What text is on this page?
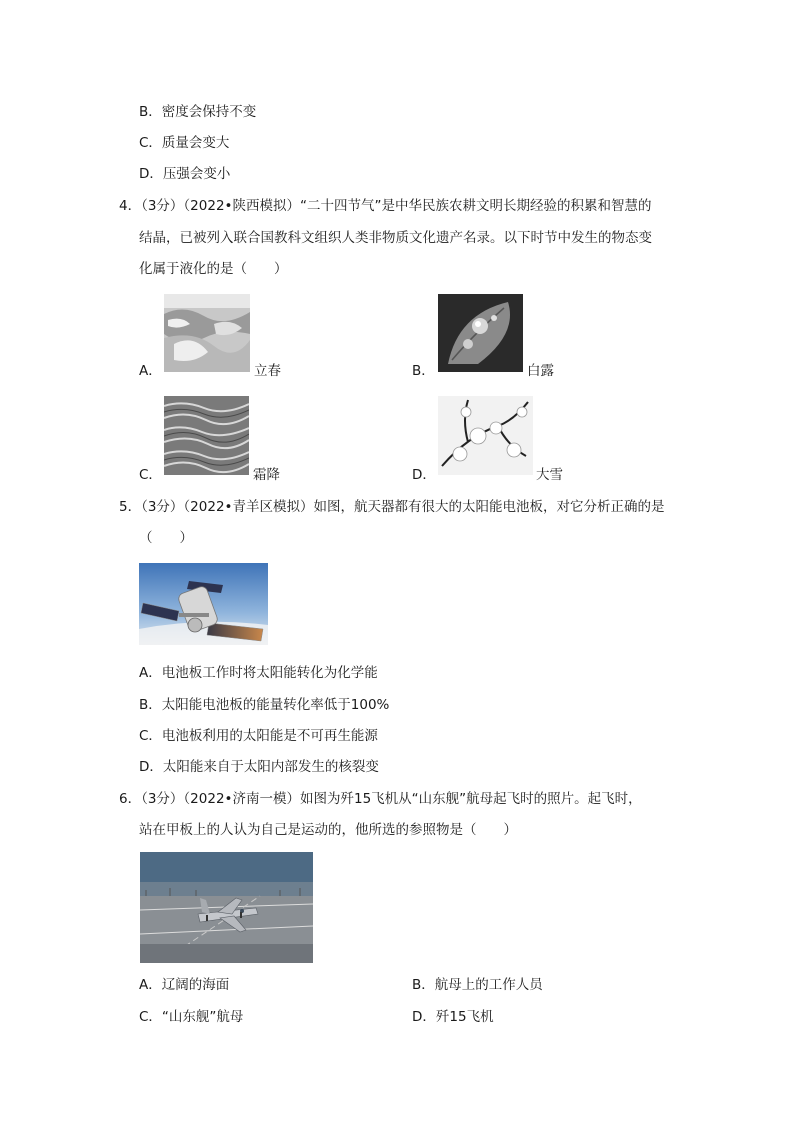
B．密度会保持不变
C．质量会变大
D．压强会变小
4．（3分）（2022•陕西模拟）“二十四节气”是中华民族农耕文明长期经验的积累和智慧的
结晶，已被列入联合国教科文组织人类非物质文化遗产名录。以下时节中发生的物态变
化属于液化的是（　　）
A．	立春	B．	白露
C．	霜降	D．	大雪
5．（3分）（2022•青羊区模拟）如图，航天器都有很大的太阳能电池板，对它分析正确的是
（　　）
A．电池板工作时将太阳能转化为化学能
B．太阳能电池板的能量转化率低于100%
C．电池板利用的太阳能是不可再生能源
D．太阳能来自于太阳内部发生的核裂变
6．（3分）（2022•济南一模）如图为歼15飞机从“山东舰”航母起飞时的照片。起飞时，
站在甲板上的人认为自己是运动的，他所选的参照物是（　　）
A．辽阔的海面	B．航母上的工作人员
C．“山东舰”航母	D．歼15飞机
